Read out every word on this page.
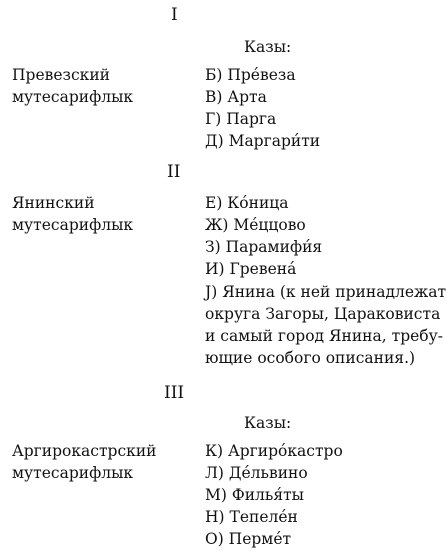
I
Казы:
Превезский
мутесарифлык
Б) Пре́веза
В) Арта
Г) Парга
Д) Маргари́ти
II
Янинский
мутесарифлык
Е) Ко́ница
Ж) Ме́ццово
З) Парамифи́я
И) Гревена́
J) Янина (к ней принадлежат
округа Загоры, Цараковиста
и самый город Янина, требу-
ющие особого описания.)
III
Казы:
Аргирокастрский
мутесарифлык
К) Аргиро́кастро
Л) Де́львино
М) Филья́ты
Н) Тепеле́н
О) Перме́т
